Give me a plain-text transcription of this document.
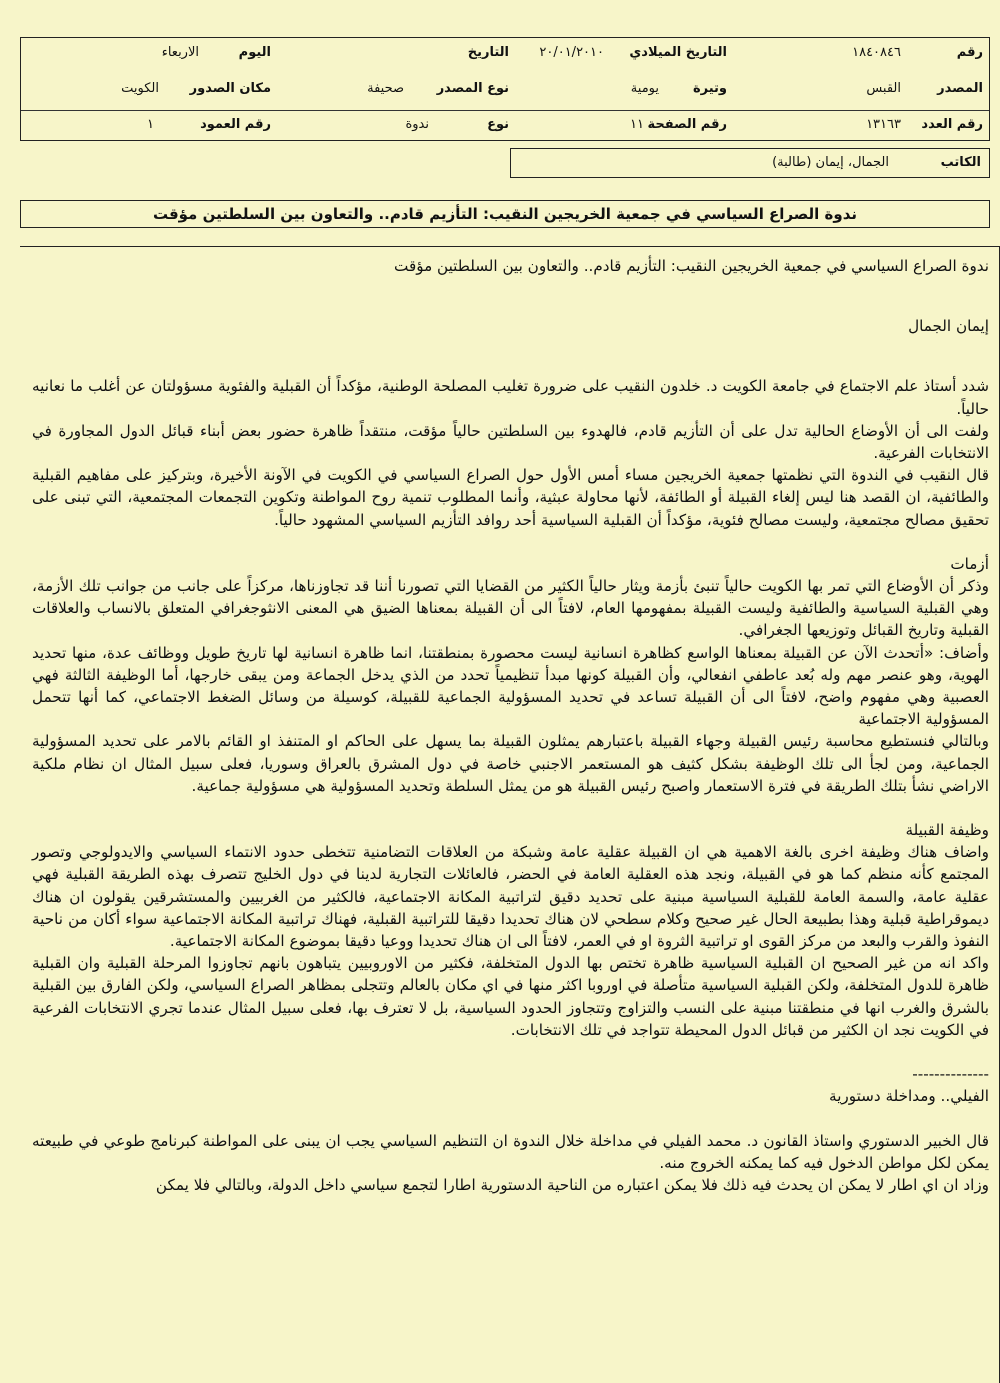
رقم
١٨٤٠٨٤٦
التاريخ الميلادي
٢٠/٠١/٢٠١٠
التاريخ
اليوم
الاربعاء
المصدر
القبس
وتيرة
يومية
نوع المصدر
صحيفة
مكان الصدور
الكويت
رقم العدد
١٣١٦٣
رقم الصفحة
١١
نوع
ندوة
رقم العمود
١
الكاتب
الجمال، إيمان (طالبة)
ندوة الصراع السياسي في جمعية الخريجين النقيب: التأزيم قادم.. والتعاون بين السلطتين مؤقت

ندوة الصراع السياسي في جمعية الخريجين النقيب: التأزيم قادم.. والتعاون بين السلطتين مؤقت

إيمان الجمال

شدد أستاذ علم الاجتماع في جامعة الكويت د. خلدون النقيب على ضرورة تغليب المصلحة الوطنية، مؤكداً أن القبلية والفئوية مسؤولتان عن أغلب ما نعانيه حالياً.

ولفت الى أن الأوضاع الحالية تدل على أن التأزيم قادم، فالهدوء بين السلطتين حالياً مؤقت، منتقداً ظاهرة حضور بعض أبناء قبائل الدول المجاورة في الانتخابات الفرعية.

قال النقيب في الندوة التي نظمتها جمعية الخريجين مساء أمس الأول حول الصراع السياسي في الكويت في الآونة الأخيرة، وبتركيز على مفاهيم القبلية والطائفية، ان القصد هنا ليس إلغاء القبيلة أو الطائفة، لأنها محاولة عبثية، وأنما المطلوب تنمية روح المواطنة وتكوين التجمعات المجتمعية، التي تبنى على تحقيق مصالح مجتمعية، وليست مصالح فئوية، مؤكداً أن القبلية السياسية أحد روافد التأزيم السياسي المشهود حالياً.

أزمات

وذكر أن الأوضاع التي تمر بها الكويت حالياً تنبئ بأزمة ويثار حالياً الكثير من القضايا التي تصورنا أننا قد تجاوزناها، مركزاً على جانب من جوانب تلك الأزمة، وهي القبلية السياسية والطائفية وليست القبيلة بمفهومها العام، لافتاً الى أن القبيلة بمعناها الضيق هي المعنى الانثوجغرافي المتعلق بالانساب والعلاقات القبلية وتاريخ القبائل وتوزيعها الجغرافي.

وأضاف: «أتحدث الآن عن القبيلة بمعناها الواسع كظاهرة انسانية ليست محصورة بمنطقتنا، انما ظاهرة انسانية لها تاريخ طويل ووظائف عدة، منها تحديد الهوية، وهو عنصر مهم وله بُعد عاطفي انفعالي، وأن القبيلة كونها مبدأ تنظيمياً تحدد من الذي يدخل الجماعة ومن يبقى خارجها، أما الوظيفة الثالثة فهي العصبية وهي مفهوم واضح، لافتاً الى أن القبيلة تساعد في تحديد المسؤولية الجماعية للقبيلة، كوسيلة من وسائل الضغط الاجتماعي، كما أنها تتحمل المسؤولية الاجتماعية

وبالتالي فنستطيع محاسبة رئيس القبيلة وجهاء القبيلة باعتبارهم يمثلون القبيلة بما يسهل على الحاكم او المتنفذ او القائم بالامر على تحديد المسؤولية الجماعية، ومن لجأ الى تلك الوظيفة بشكل كثيف هو المستعمر الاجنبي خاصة في دول المشرق بالعراق وسوريا، فعلى سبيل المثال ان نظام ملكية الاراضي نشأ بتلك الطريقة في فترة الاستعمار واصبح رئيس القبيلة هو من يمثل السلطة وتحديد المسؤولية هي مسؤولية جماعية.

وظيفة القبيلة

واضاف هناك وظيفة اخرى بالغة الاهمية هي ان القبيلة عقلية عامة وشبكة من العلاقات التضامنية تتخطى حدود الانتماء السياسي والايدولوجي وتصور المجتمع كأنه منظم كما هو في القبيلة، ونجد هذه العقلية العامة في الحضر، فالعائلات التجارية لدينا في دول الخليج تتصرف بهذه الطريقة القبلية فهي عقلية عامة، والسمة العامة للقبلية السياسية مبنية على تحديد دقيق لتراتبية المكانة الاجتماعية، فالكثير من الغربيين والمستشرقين يقولون ان هناك ديموقراطية قبلية وهذا بطبيعة الحال غير صحيح وكلام سطحي لان هناك تحديدا دقيقا للتراتبية القبلية، فهناك تراتبية المكانة الاجتماعية سواء أكان من ناحية النفوذ والقرب والبعد من مركز القوى او تراتبية الثروة او في العمر، لافتاً الى ان هناك تحديدا ووعيا دقيقا بموضوع المكانة الاجتماعية.

واكد انه من غير الصحيح ان القبلية السياسية ظاهرة تختص بها الدول المتخلفة، فكثير من الاوروبيين يتباهون بانهم تجاوزوا المرحلة القبلية وان القبلية ظاهرة للدول المتخلفة، ولكن القبلية السياسية متأصلة في اوروبا اكثر منها في اي مكان بالعالم وتتجلى بمظاهر الصراع السياسي، ولكن الفارق بين القبلية بالشرق والغرب انها في منطقتنا مبنية على النسب والتزاوج وتتجاوز الحدود السياسية، بل لا تعترف بها، فعلى سبيل المثال عندما تجري الانتخابات الفرعية في الكويت نجد ان الكثير من قبائل الدول المحيطة تتواجد في تلك الانتخابات.

--------------

الفيلي.. ومداخلة دستورية

قال الخبير الدستوري واستاذ القانون د. محمد الفيلي في مداخلة خلال الندوة ان التنظيم السياسي يجب ان يبنى على المواطنة كبرنامج طوعي في طبيعته يمكن لكل مواطن الدخول فيه كما يمكنه الخروج منه.

وزاد ان اي اطار لا يمكن ان يحدث فيه ذلك فلا يمكن اعتباره من الناحية الدستورية اطارا لتجمع سياسي داخل الدولة، وبالتالي فلا يمكن
